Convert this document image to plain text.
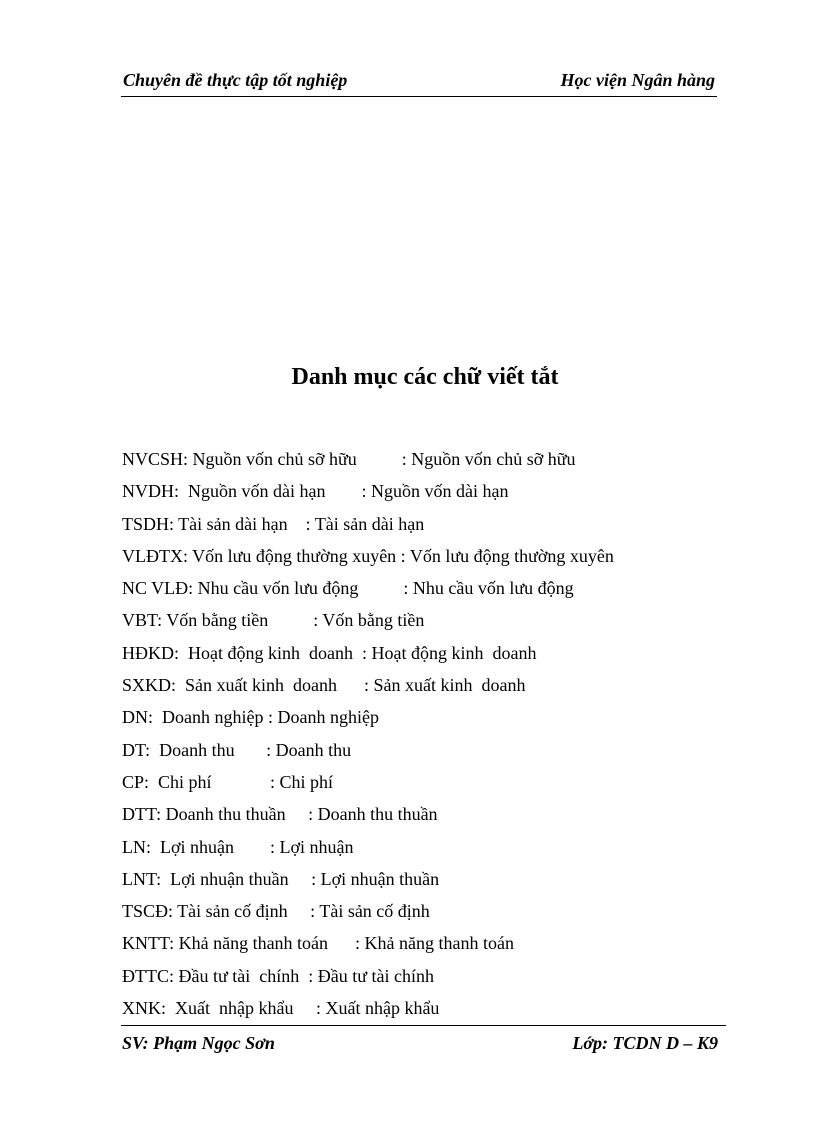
Chuyên đề thực tập tốt nghiệp	Học viện Ngân hàng
Danh mục các chữ viết tắt
NVCSH: Nguồn vốn chủ sỡ hữu          : Nguồn vốn chủ sỡ hữu
NVDH:  Nguồn vốn dài hạn        : Nguồn vốn dài hạn
TSDH: Tài sản dài hạn    : Tài sản dài hạn
VLĐTX: Vốn lưu động thường xuyên : Vốn lưu động thường xuyên
NC VLĐ: Nhu cầu vốn lưu động          : Nhu cầu vốn lưu động
VBT: Vốn bằng tiền          : Vốn bằng tiền
HĐKD:  Hoạt động kinh  doanh  : Hoạt động kinh  doanh
SXKD:  Sản xuất kinh  doanh      : Sản xuất kinh  doanh
DN:  Doanh nghiệp : Doanh nghiệp
DT:  Doanh thu       : Doanh thu
CP:  Chi phí             : Chi phí
DTT: Doanh thu thuần     : Doanh thu thuần
LN:  Lợi nhuận        : Lợi nhuận
LNT:  Lợi nhuận thuần     : Lợi nhuận thuần
TSCĐ: Tài sản cố định     : Tài sản cố định
KNTT: Khả năng thanh toán      : Khả năng thanh toán
ĐTTC: Đầu tư tài  chính  : Đầu tư tài chính
XNK:  Xuất  nhập khẩu     : Xuất nhập khẩu
SV: Phạm Ngọc Sơn	Lớp: TCDN D – K9
